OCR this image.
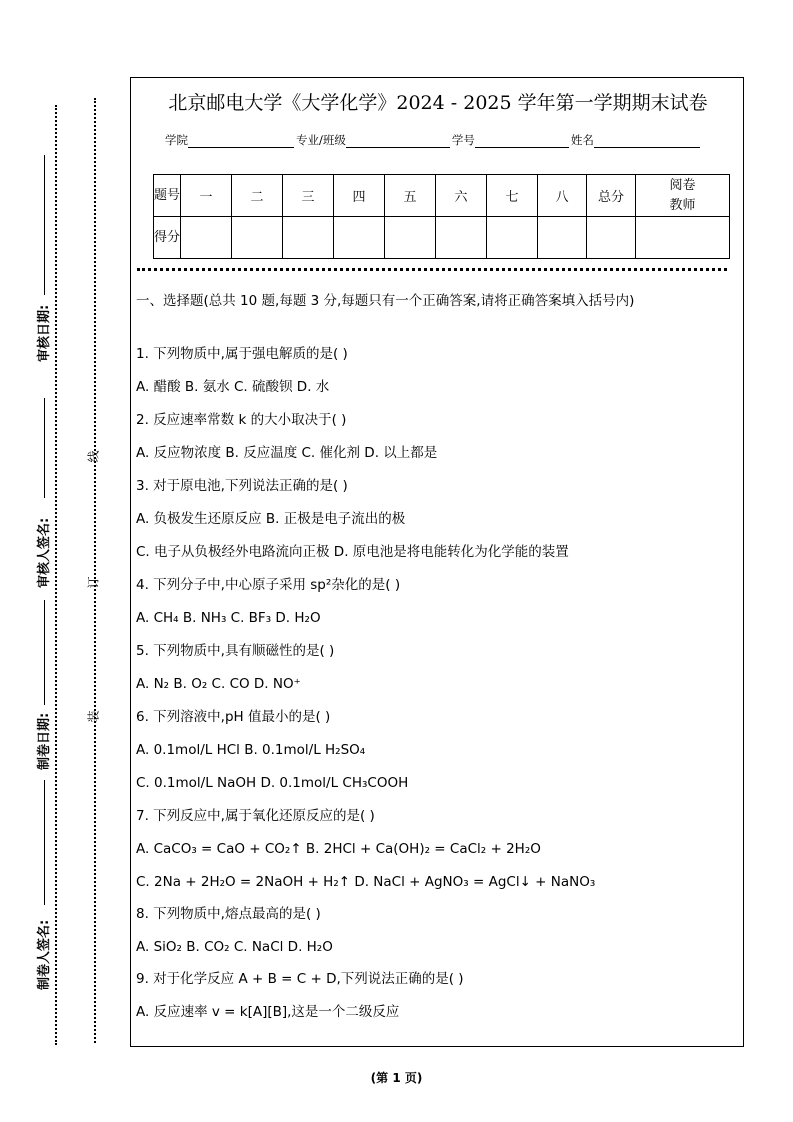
审核日期:
审核人签名:
制卷日期:
制卷人签名:
线
订
装
北京邮电大学《大学化学》2024 - 2025 学年第一学期期末试卷
学院	专业/班级	学号	姓名
题号	一	二	三	四	五	六	七	八	总分	阅卷教师
得分										
一、选择题(总共 10 题,每题 3 分,每题只有一个正确答案,请将正确答案填入括号内)
1. 下列物质中,属于强电解质的是( )
A. 醋酸 B. 氨水 C. 硫酸钡 D. 水
2. 反应速率常数 k 的大小取决于( )
A. 反应物浓度 B. 反应温度 C. 催化剂 D. 以上都是
3. 对于原电池,下列说法正确的是( )
A. 负极发生还原反应 B. 正极是电子流出的极
C. 电子从负极经外电路流向正极 D. 原电池是将电能转化为化学能的装置
4. 下列分子中,中心原子采用 sp²杂化的是( )
A. CH₄ B. NH₃ C. BF₃ D. H₂O
5. 下列物质中,具有顺磁性的是( )
A. N₂ B. O₂ C. CO D. NO⁺
6. 下列溶液中,pH 值最小的是( )
A. 0.1mol/L HCl B. 0.1mol/L H₂SO₄
C. 0.1mol/L NaOH D. 0.1mol/L CH₃COOH
7. 下列反应中,属于氧化还原反应的是( )
A. CaCO₃ = CaO + CO₂↑ B. 2HCl + Ca(OH)₂ = CaCl₂ + 2H₂O
C. 2Na + 2H₂O = 2NaOH + H₂↑ D. NaCl + AgNO₃ = AgCl↓ + NaNO₃
8. 下列物质中,熔点最高的是( )
A. SiO₂ B. CO₂ C. NaCl D. H₂O
9. 对于化学反应 A + B = C + D,下列说法正确的是( )
A. 反应速率 v = k[A][B],这是一个二级反应
(第 1 页)
